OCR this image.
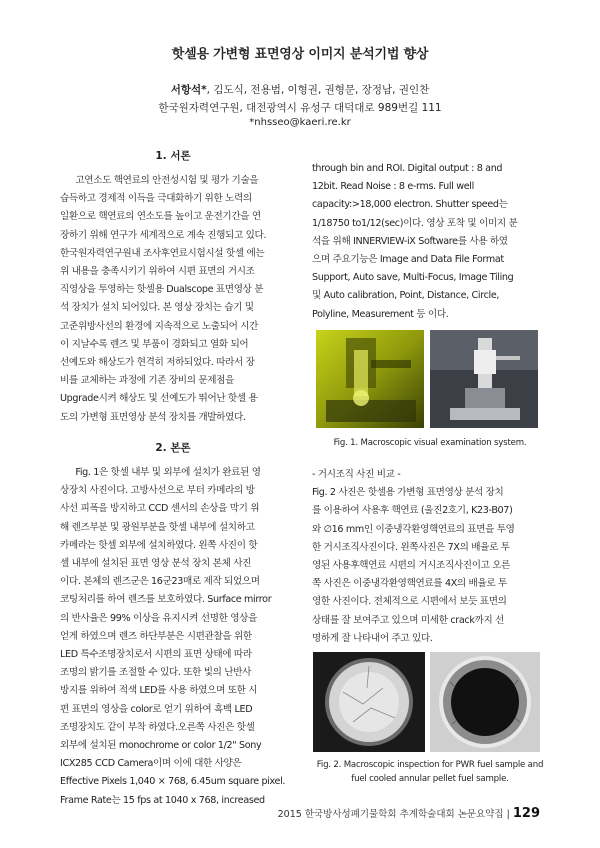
핫셀용 가변형 표면영상 이미지 분석기법 향상
서항석*, 김도식, 전용범, 이형권, 권형문, 장정남, 권인찬
한국원자력연구원, 대전광역시 유성구 대덕대로 989번길 111
*nhsseo@kaeri.re.kr
1. 서론

고연소도 핵연료의 안전성시험 및 평가 기술을

습득하고 경제적 이득을 극대화하기 위한 노력의

일환으로 핵연료의 연소도를 높이고 운전기간을 연

장하기 위해 연구가 세계적으로 계속 진행되고 있다.

한국원자력연구원내 조사후연료시험시설 핫셀 에는

위 내용을 충족시키기 위하여 시편 표면의 거시조

직영상을 투영하는 핫셀용 Dualscope 표면영상 분

석 장치가 설치 되어있다. 본 영상 장치는 습기 및

고준위방사선의 환경에 지속적으로 노출되어 시간

이 지날수록 렌즈 및 부품이 경화되고 열화 되어

선예도와 해상도가 현격히 저하되었다. 따라서 장

비를 교체하는 과정에 기존 장비의 문제점을

Upgrade시켜 해상도 및 선예도가 뛰어난 핫셀 용

도의 가변형 표면영상 분석 장치를 개발하였다.

2. 본론

Fig. 1은 핫셀 내부 및 외부에 설치가 완료된 영

상장치 사진이다. 고방사선으로 부터 카메라의 방

사선 피폭을 방지하고 CCD 센서의 손상을 막기 위

해 렌즈부분 및 광원부분을 핫셀 내부에 설치하고

카메라는 핫셀 외부에 설치하였다. 왼쪽 사진이 핫

셀 내부에 설치된 표면 영상 분석 장치 본체 사진

이다. 본체의 렌즈군은 16군23매로 제작 되었으며

코팅처리를 하여 렌즈를 보호하였다. Surface mirror

의 반사율은 99% 이상을 유지시켜 선명한 영상을

얻게 하였으며 렌즈 하단부분은 시편관찰을 위한

LED 특수조명장치로서 시편의 표면 상태에 따라

조명의 밝기를 조절할 수 있다. 또한 빛의 난반사

방지를 위하여 적색 LED를 사용 하였으며 또한 시

편 표면의 영상을 color로 얻기 위하여 흑백 LED

조명장치도 같이 부착 하였다.오른쪽 사진은 핫셀

외부에 설치된 monochrome or color 1/2" Sony

ICX285 CCD Camera이며 이에 대한 사양은

Effective Pixels 1,040 × 768, 6.45um square pixel.

Frame Rate는 15 fps at 1040 x 768, increased

through bin and ROI. Digital output : 8 and

12bit. Read Noise : 8 e-rms. Full well

capacity:>18,000 electron. Shutter speed는

1/18750 to1/12(sec)이다. 영상 포착 및 이미지 분

석을 위해 INNERVIEW-iX Software를 사용 하였

으며 주요기능은 Image and Data File Format

Support, Auto save, Multi-Focus, Image Tiling

및 Auto calibration, Point, Distance, Circle,

Polyline, Measurement 등 이다.

Fig. 1. Macroscopic visual examination system.

- 거시조직 사진 비교 -

Fig. 2 사진은 핫셀용 가변형 표면영상 분석 장치

를 이용하여 사용후 핵연료 (울진2호기, K23-B07)

와 ∅16 mm인 이중냉각환영핵연료의 표면을 투영

한 거시조직사진이다. 왼쪽사진은 7X의 배율로 투

영된 사용후핵연료 시편의 거시조직사진이고 오른

쪽 사진은 이중냉각환영핵연료를 4X의 배율로 투

영한 사진이다. 전체적으로 시편에서 보듯 표면의

상태를 잘 보여주고 있으며 미세한 crack까지 선

명하게 잘 나타내어 주고 있다.

Fig. 2. Macroscopic inspection for PWR fuel sample and
fuel cooled annular pellet fuel sample.
2015 한국방사성폐기물학회 추계학술대회 논문요약집 | 129
